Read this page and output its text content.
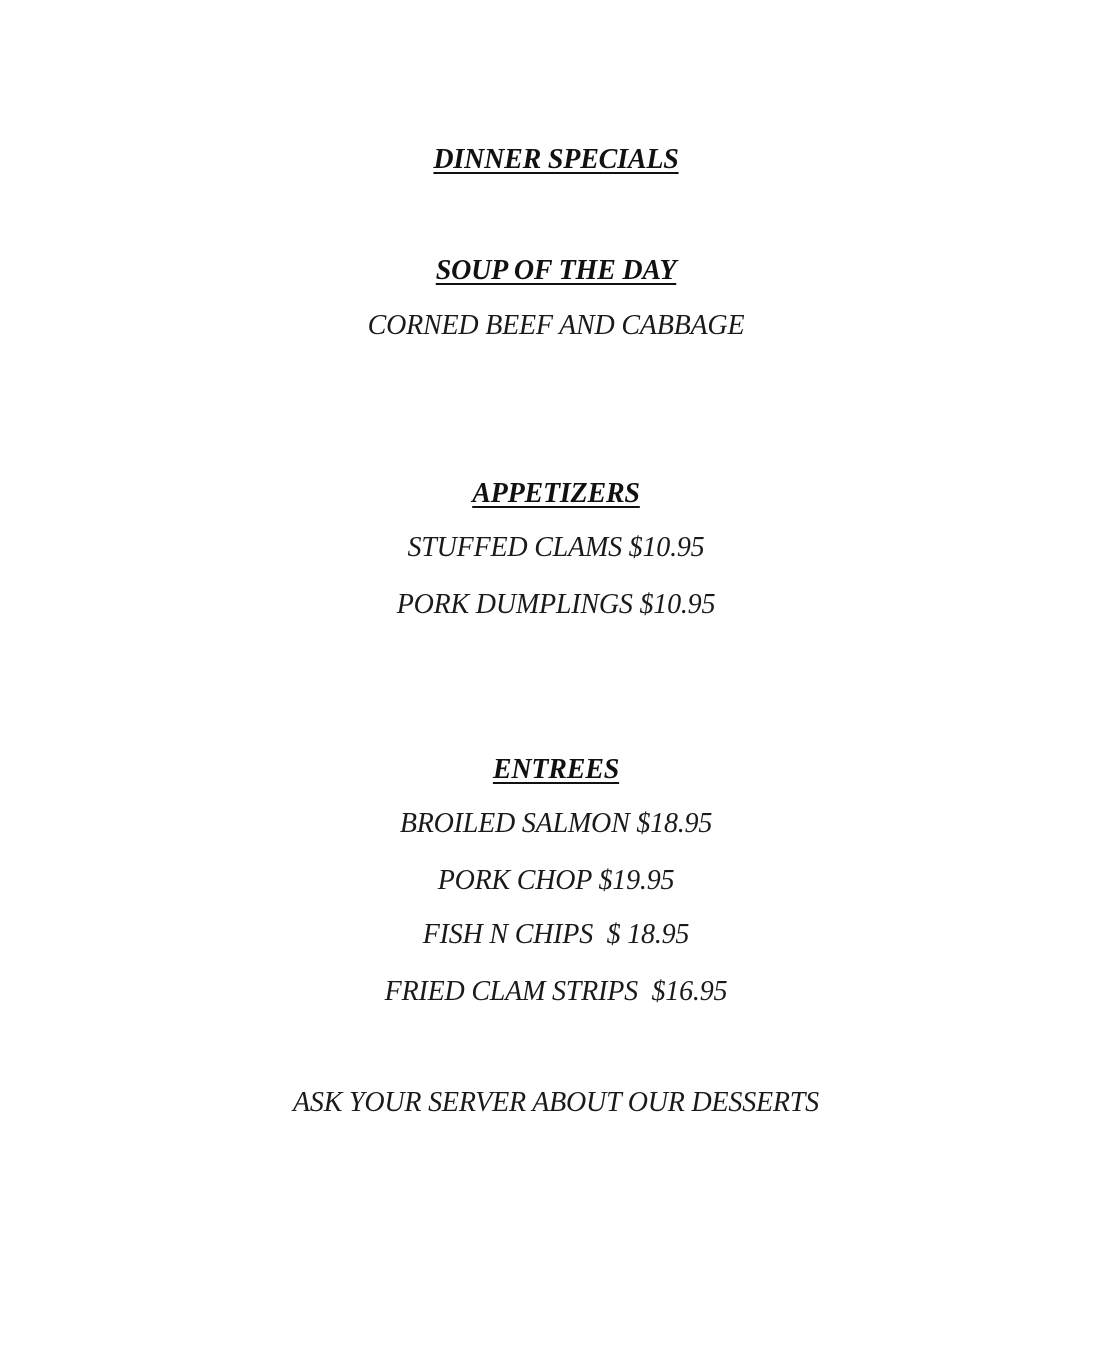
DINNER SPECIALS
SOUP OF THE DAY
CORNED BEEF AND CABBAGE
APPETIZERS
STUFFED CLAMS $10.95
PORK DUMPLINGS $10.95
ENTREES
BROILED SALMON $18.95
PORK CHOP $19.95
FISH N CHIPS  $ 18.95
FRIED CLAM STRIPS  $16.95
ASK YOUR SERVER ABOUT OUR DESSERTS
